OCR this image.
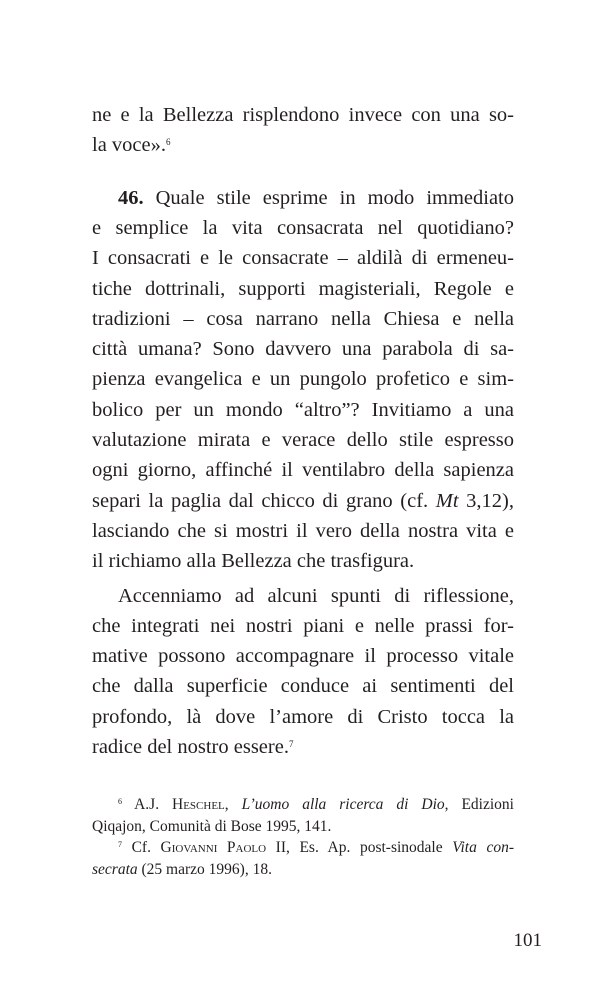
ne e la Bellezza risplendono invece con una so-
la voce».$^6$
46. Quale stile esprime in modo immediato
e semplice la vita consacrata nel quotidiano?
I consacrati e le consacrate – aldilà di ermeneu-
tiche dottrinali, supporti magisteriali, Regole e
tradizioni – cosa narrano nella Chiesa e nella
città umana? Sono davvero una parabola di sa-
pienza evangelica e un pungolo profetico e sim-
bolico per un mondo “altro”? Invitiamo a una
valutazione mirata e verace dello stile espresso
ogni giorno, affinché il ventilabro della sapienza
separi la paglia dal chicco di grano (cf. Mt 3,12),
lasciando che si mostri il vero della nostra vita e
il richiamo alla Bellezza che trasfigura.
Accenniamo ad alcuni spunti di riflessione,
che integrati nei nostri piani e nelle prassi for-
mative possono accompagnare il processo vitale
che dalla superficie conduce ai sentimenti del
profondo, là dove l’amore di Cristo tocca la
radice del nostro essere.$^7$
$^6$ A.J. Heschel, L’uomo alla ricerca di Dio, Edizioni
Qiqajon, Comunità di Bose 1995, 141.
$^7$ Cf. Giovanni Paolo II, Es. Ap. post-sinodale Vita con-
secrata (25 marzo 1996), 18.
101
